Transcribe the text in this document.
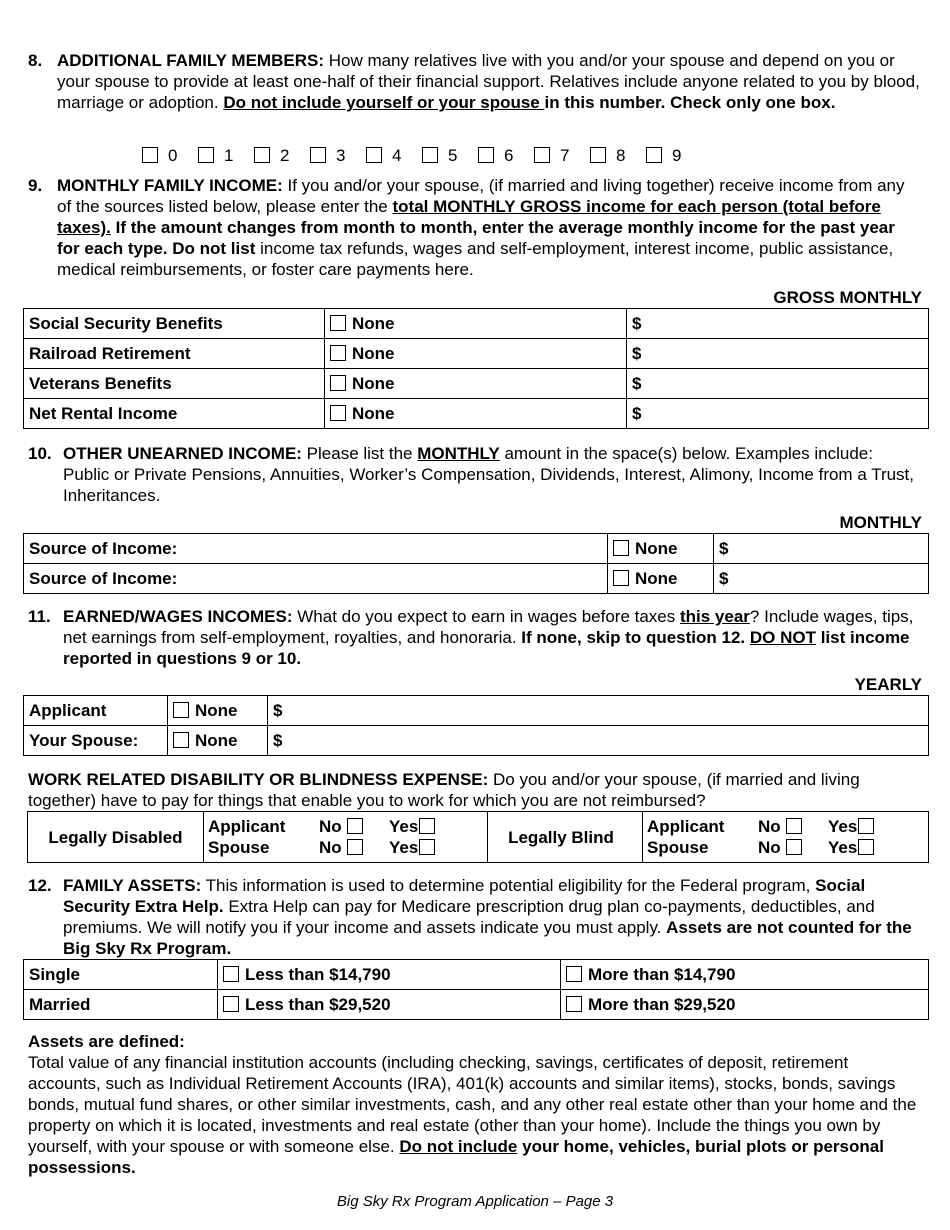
8. ADDITIONAL FAMILY MEMBERS: How many relatives live with you and/or your spouse and depend on you or your spouse to provide at least one-half of their financial support. Relatives include anyone related to you by blood, marriage or adoption. Do not include yourself or your spouse in this number. Check only one box.
0	1	2	3	4	5	6	7	8	9
9. MONTHLY FAMILY INCOME: If you and/or your spouse, (if married and living together) receive income from any of the sources listed below, please enter the total MONTHLY GROSS income for each person (total before taxes). If the amount changes from month to month, enter the average monthly income for the past year for each type. Do not list income tax refunds, wages and self-employment, interest income, public assistance, medical reimbursements, or foster care payments here.
GROSS MONTHLY
Social Security Benefits	None	$
Railroad Retirement	None	$
Veterans Benefits	None	$
Net Rental Income	None	$
10. OTHER UNEARNED INCOME: Please list the MONTHLY amount in the space(s) below. Examples include: Public or Private Pensions, Annuities, Worker’s Compensation, Dividends, Interest, Alimony, Income from a Trust, Inheritances.
MONTHLY
Source of Income:	None	$
Source of Income:	None	$
11. EARNED/WAGES INCOMES: What do you expect to earn in wages before taxes this year? Include wages, tips, net earnings from self-employment, royalties, and honoraria. If none, skip to question 12. DO NOT list income reported in questions 9 or 10.
YEARLY
Applicant	None	$
Your Spouse:	None	$
WORK RELATED DISABILITY OR BLINDNESS EXPENSE: Do you and/or your spouse, (if married and living together) have to pay for things that enable you to work for which you are not reimbursed?
Legally Disabled
Applicant No	Yes
Spouse	No	Yes
Legally Blind
Applicant No	Yes
Spouse	No	Yes
12. FAMILY ASSETS: This information is used to determine potential eligibility for the Federal program, Social Security Extra Help. Extra Help can pay for Medicare prescription drug plan co-payments, deductibles, and premiums. We will notify you if your income and assets indicate you must apply. Assets are not counted for the Big Sky Rx Program.
Single	Less than $14,790	More than $14,790
Married	Less than $29,520	More than $29,520
Assets are defined:
Total value of any financial institution accounts (including checking, savings, certificates of deposit, retirement accounts, such as Individual Retirement Accounts (IRA), 401(k) accounts and similar items), stocks, bonds, savings bonds, mutual fund shares, or other similar investments, cash, and any other real estate other than your home and the property on which it is located, investments and real estate (other than your home). Include the things you own by yourself, with your spouse or with someone else. Do not include your home, vehicles, burial plots or personal possessions.
Big Sky Rx Program Application – Page 3
